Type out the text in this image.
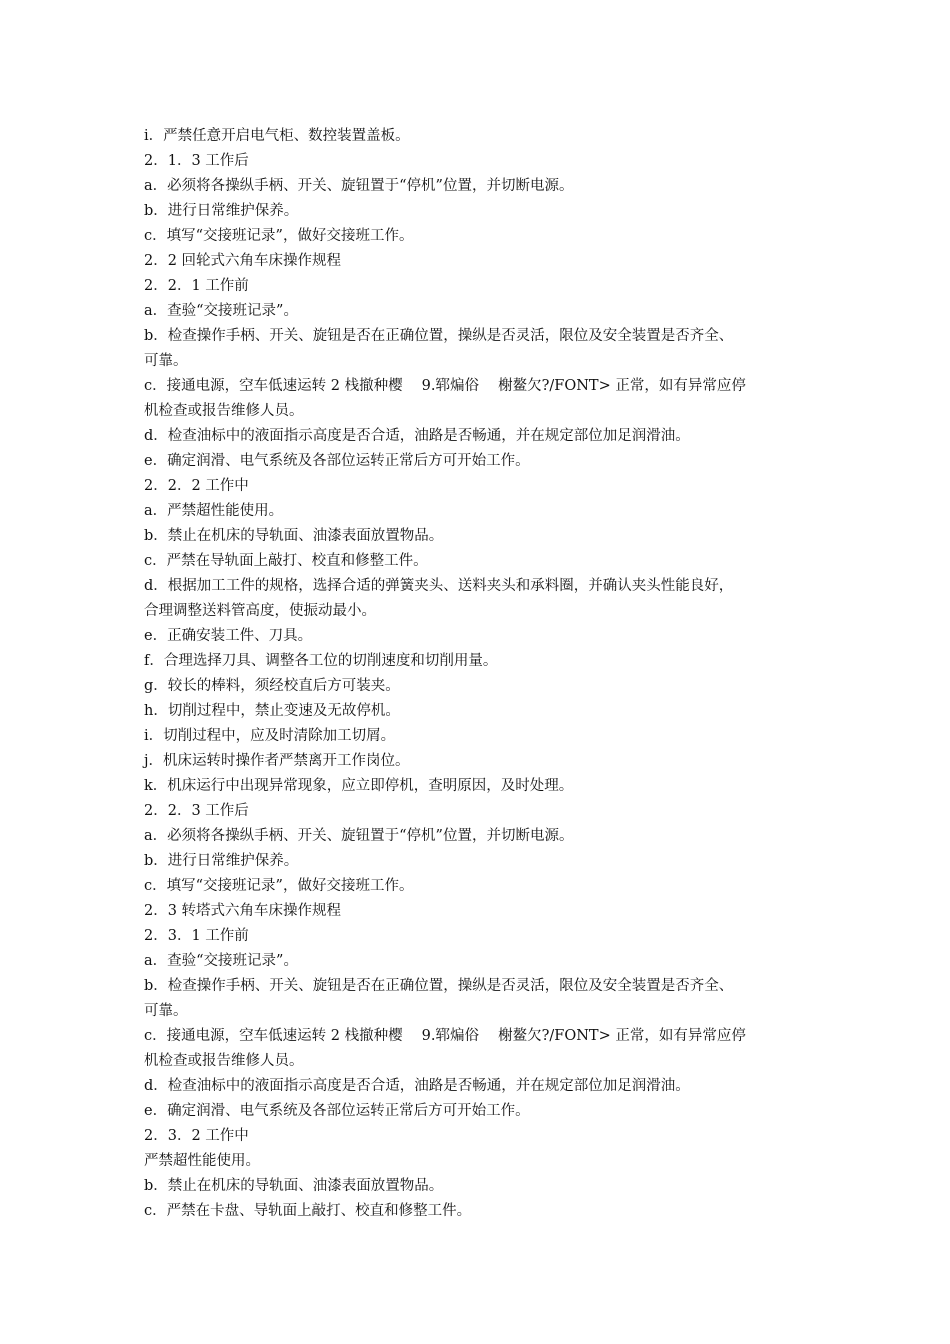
i．严禁任意开启电气柜、数控装置盖板。

2．1．3 工作后

a．必须将各操纵手柄、开关、旋钮置于“停机”位置，并切断电源。

b．进行日常维护保养。

c．填写“交接班记录”，做好交接班工作。

2．2 回轮式六角车床操作规程

2．2．1 工作前

a．查验“交接班记录”。

b．检查操作手柄、开关、旋钮是否在正确位置，操纵是否灵活，限位及安全装置是否齐全、

可靠。

c．接通电源，空车低速运转 2 栈撤种樱　 9.郓煸俗　 榭鳌欠?/FONT> 正常，如有异常应停

机检查或报告维修人员。

d．检查油标中的液面指示高度是否合适，油路是否畅通，并在规定部位加足润滑油。

e．确定润滑、电气系统及各部位运转正常后方可开始工作。

2．2．2 工作中

a．严禁超性能使用。

b．禁止在机床的导轨面、油漆表面放置物品。

c．严禁在导轨面上敲打、校直和修整工件。

d．根据加工工件的规格，选择合适的弹簧夹头、送料夹头和承料圈，并确认夹头性能良好，

合理调整送料管高度，使振动最小。

e．正确安装工件、刀具。

f．合理选择刀具、调整各工位的切削速度和切削用量。

g．较长的棒料，须经校直后方可装夹。

h．切削过程中，禁止变速及无故停机。

i．切削过程中，应及时清除加工切屑。

j．机床运转时操作者严禁离开工作岗位。

k．机床运行中出现异常现象，应立即停机，查明原因，及时处理。

2．2．3 工作后

a．必须将各操纵手柄、开关、旋钮置于“停机”位置，并切断电源。

b．进行日常维护保养。

c．填写“交接班记录”，做好交接班工作。

2．3 转塔式六角车床操作规程

2．3．1 工作前

a．查验“交接班记录”。

b．检查操作手柄、开关、旋钮是否在正确位置，操纵是否灵活，限位及安全装置是否齐全、

可靠。

c．接通电源，空车低速运转 2 栈撤种樱　 9.郓煸俗　 榭鳌欠?/FONT> 正常，如有异常应停

机检查或报告维修人员。

d．检查油标中的液面指示高度是否合适，油路是否畅通，并在规定部位加足润滑油。

e．确定润滑、电气系统及各部位运转正常后方可开始工作。

2．3．2 工作中

严禁超性能使用。

b．禁止在机床的导轨面、油漆表面放置物品。

c．严禁在卡盘、导轨面上敲打、校直和修整工件。
